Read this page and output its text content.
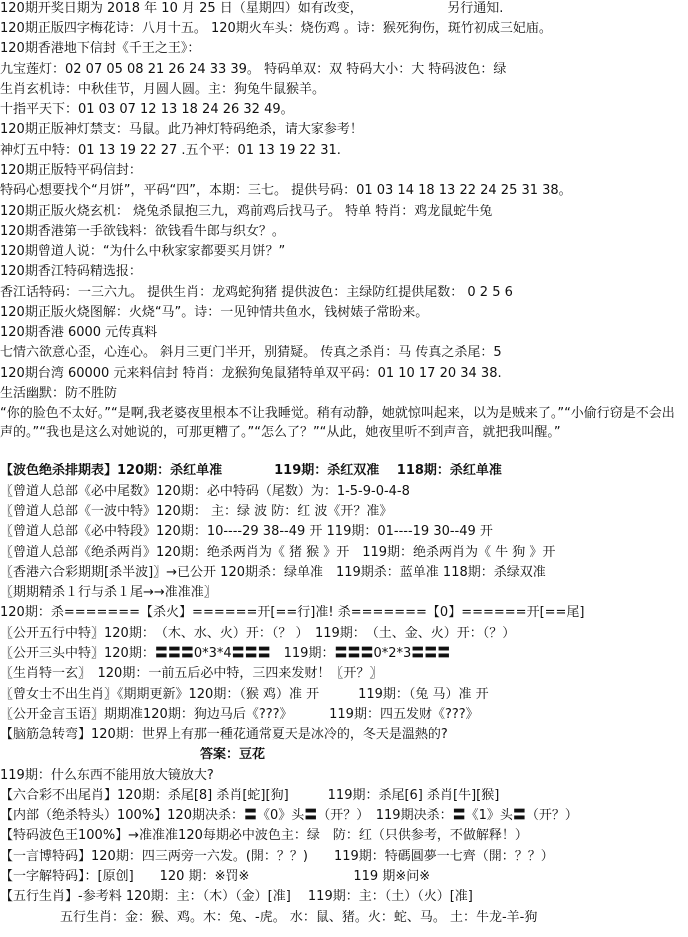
120期开奖日期为 2018 年 10 月 25 日（星期四）如有改变，　　　　　　　另行通知.
120期正版四字梅花诗：八月十五。 120期火车头：烧伤鸡 。诗：猴死狗伤，斑竹初成三妃庙。
120期香港地下信封《千王之王》：
九宝莲灯：02 07 05 08 21 26 24 33 39。 特码单双：双 特码大小：大 特码波色：绿
生肖玄机诗：中秋佳节，月圆人圆。主：狗兔牛鼠猴羊。
十指平天下：01 03 07 12 13 18 24 26 32 49。
120期正版神灯禁支：马鼠。此乃神灯特码绝杀，请大家参考！
神灯五中特：01 13 19 22 27 .五个平：01 13 19 22 31.
120期正版特平码信封：
特码心想要找个“月饼”，平码“四”，本期：三七。 提供号码：01 03 14 18 13 22 24 25 31 38。
120期正版火烧玄机： 烧兔杀鼠抱三九，鸡前鸡后找马子。 特单 特肖：鸡龙鼠蛇牛兔
120期香港第一手欲钱料：欲钱看牛郎与织女？。
120期曾道人说：“为什么中秋家家都要买月饼？”
120期香江特码精选报：
香江话特码：一三六九。 提供生肖：龙鸡蛇狗猪 提供波色：主绿防红提供尾数： 0 2 5 6
120期正版火烧图解：火烧“马”。诗：一见钟情共鱼水，钱树婊子常盼来。
120期香港 6000 元传真料
七情六欲意心歪，心连心。 斜月三更门半开，别猜疑。 传真之杀肖：马 传真之杀尾：5
120期台湾 60000 元来料信封 特肖：龙猴狗兔鼠猪特单双平码：01 10 17 20 34 38.
生活幽默：防不胜防
“你的脸色不太好。”“是啊,我老婆夜里根本不让我睡觉。稍有动静，她就惊叫起来，以为是贼来了。”“小偷行窃是不会出声的。”“我也是这么对她说的，可那更糟了。”“怎么了？”“从此，她夜里听不到声音，就把我叫醒。”
【波色绝杀排期表】120期：杀红单准　　　　119期：杀红双准　 118期：杀红单准
〖曾道人总部《必中尾数》120期：必中特码（尾数）为：1-5-9-0-4-8
〖曾道人总部《一波中特》120期： 主：绿 波 防：红 波《开？准》
〖曾道人总部《必中特段》120期：10----29 38--49 开 119期：01----19 30--49 开
〖曾道人总部《绝杀两肖》120期：绝杀两肖为《 猪 猴 》开　119期：绝杀两肖为《 牛 狗 》开
〖香港六合彩期期[杀半波]〗→已公开 120期杀：绿单准　119期杀：蓝单准 118期：杀绿双准
〖期期精杀１行与杀１尾→→准准准〗
120期：杀=======【杀火】======开[==行]准! 杀=======【0】======开[==尾]
〖公开五行中特〗120期：　（木、水、火）开：（？ ）　119期：　（土、金、火）开：（？）
〖公开三头中特〗120期：〓〓〓0*3*4〓〓〓　119期：〓〓〓0*2*3〓〓〓
〖生肖特一玄〗　120期：一前五后必中特，三四来发财！〖开？〗
〖曾女士不出生肖〗《期期更新》120期：（猴 鸡）准 开　　　119期：（兔 马）准 开
〖公开金言玉语〗期期准120期：狗边马后《???》　　　 119期：四五发财《???》
【脑筋急转弯】120期：世界上有那一種花通常夏天是冰冷的，冬天是溫熱的?
答案：豆花
119期：什么东西不能用放大镜放大?
【六合彩不出尾肖】120期：杀尾[8] 杀肖[蛇][狗]　　　119期：杀尾[6] 杀肖[牛][猴]
【内部（绝杀特头）100%】120期决杀：〓《0》头〓（开？）　119期决杀：〓《1》头〓（开？）
【特码波色王100%】→准准准120每期必中波色主：绿　防：红（只供参考，不做解释！）
【一言博特码】120期：四三两旁一六发。(開：？？)　　119期：特碼圓夢一七齊（開：？？）
【一字解特码】：[原创]　　120 期：※罚※　　　　　　　　119 期※问※
【五行生肖】-参考料 120期：主：（木）（金）[准]　 119期：主：（土）（火）[准]
五行生肖：金：猴、鸡。木：兔、-虎。 水：鼠、猪。火：蛇、马。 土：牛龙-羊-狗
